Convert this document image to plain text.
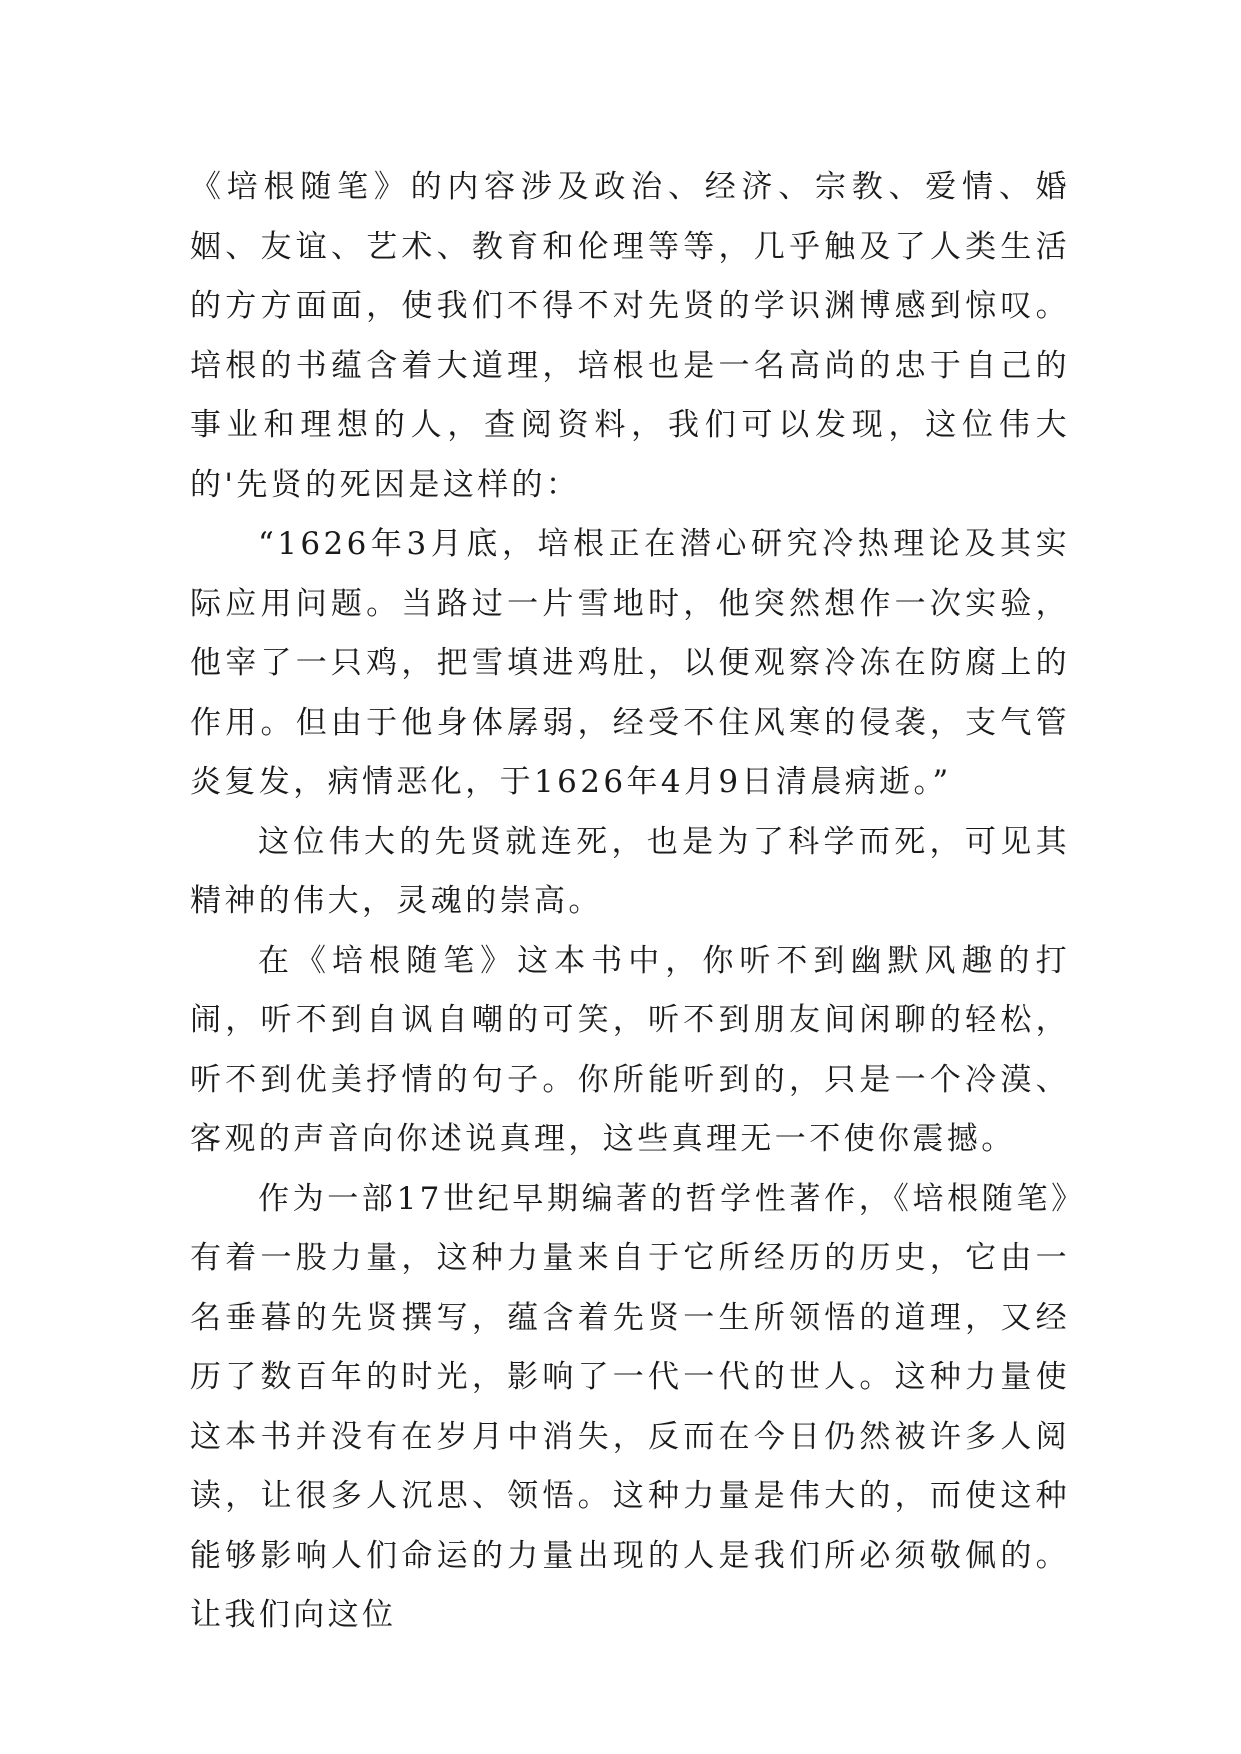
《培根随笔》的内容涉及政治、经济、宗教、爱情、婚姻、友谊、艺术、教育和伦理等等，几乎触及了人类生活的方方面面，使我们不得不对先贤的学识渊博感到惊叹。培根的书蕴含着大道理，培根也是一名高尚的忠于自己的事业和理想的人，查阅资料，我们可以发现，这位伟大的'先贤的死因是这样的：

“1626年3月底，培根正在潜心研究冷热理论及其实际应用问题。当路过一片雪地时，他突然想作一次实验，他宰了一只鸡，把雪填进鸡肚，以便观察冷冻在防腐上的作用。但由于他身体孱弱，经受不住风寒的侵袭，支气管炎复发，病情恶化，于1626年4月9日清晨病逝。”

这位伟大的先贤就连死，也是为了科学而死，可见其精神的伟大，灵魂的崇高。

在《培根随笔》这本书中，你听不到幽默风趣的打闹，听不到自讽自嘲的可笑，听不到朋友间闲聊的轻松，听不到优美抒情的句子。你所能听到的，只是一个冷漠、客观的声音向你述说真理，这些真理无一不使你震撼。

作为一部17世纪早期编著的哲学性著作，《培根随笔》有着一股力量，这种力量来自于它所经历的历史，它由一名垂暮的先贤撰写，蕴含着先贤一生所领悟的道理，又经历了数百年的时光，影响了一代一代的世人。这种力量使这本书并没有在岁月中消失，反而在今日仍然被许多人阅读，让很多人沉思、领悟。这种力量是伟大的，而使这种能够影响人们命运的力量出现的人是我们所必须敬佩的。让我们向这位
